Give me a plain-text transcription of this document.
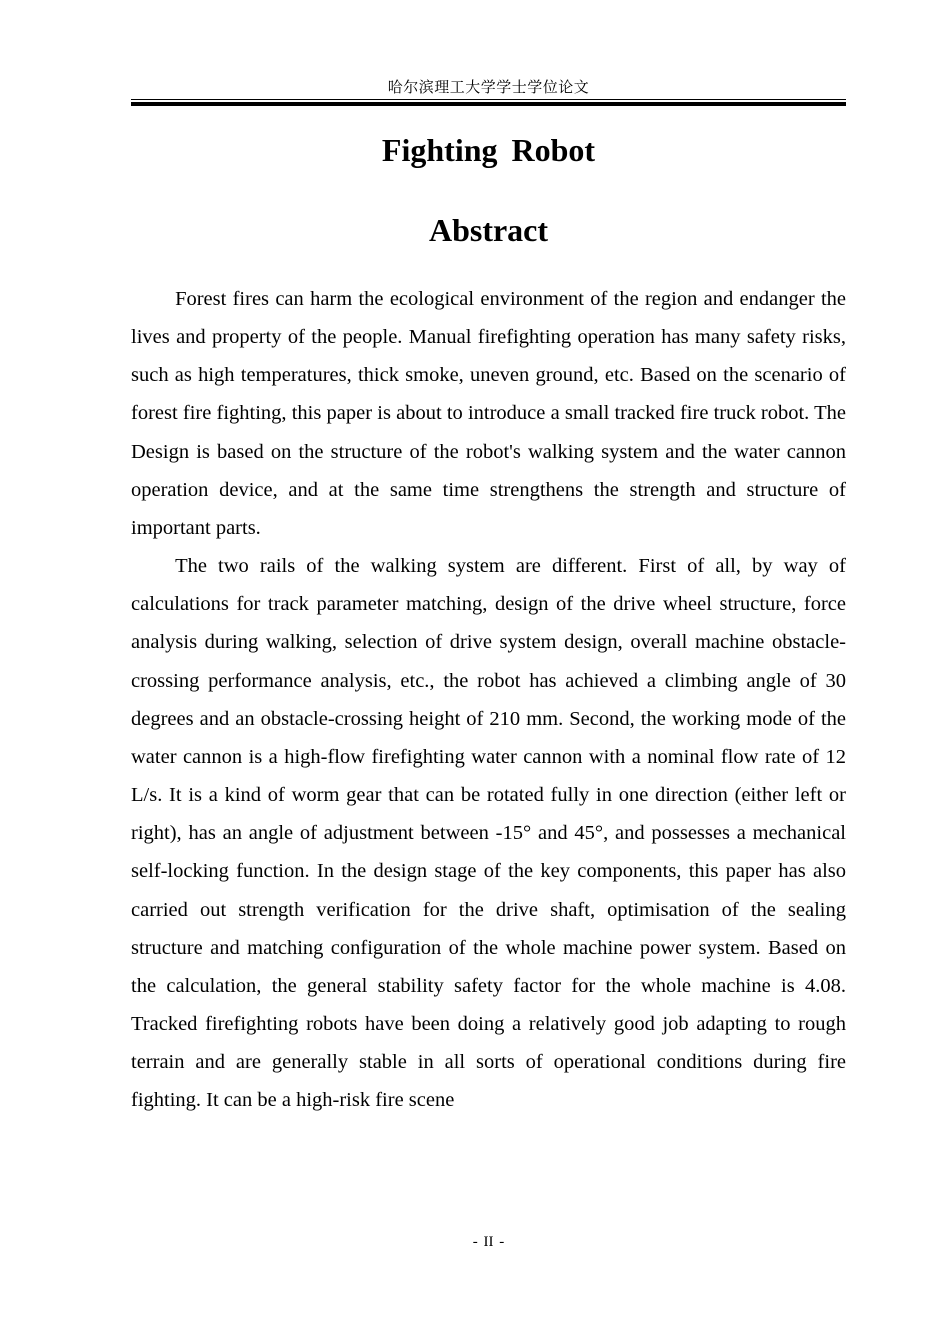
哈尔滨理工大学学士学位论文
Fighting Robot
Abstract

Forest fires can harm the ecological environment of the region and endanger the lives and property of the people. Manual firefighting operation has many safety risks, such as high temperatures, thick smoke, uneven ground, etc. Based on the scenario of forest fire fighting, this paper is about to introduce a small tracked fire truck robot. The Design is based on the structure of the robot's walking system and the water cannon operation device, and at the same time strengthens the strength and structure of important parts.

The two rails of the walking system are different. First of all, by way of calculations for track parameter matching, design of the drive wheel structure, force analysis during walking, selection of drive system design, overall machine obstacle-crossing performance analysis, etc., the robot has achieved a climbing angle of 30 degrees and an obstacle-crossing height of 210 mm. Second, the working mode of the water cannon is a high-flow firefighting water cannon with a nominal flow rate of 12 L/s. It is a kind of worm gear that can be rotated fully in one direction (either left or right), has an angle of adjustment between -15° and 45°, and possesses a mechanical self-locking function. In the design stage of the key components, this paper has also carried out strength verification for the drive shaft, optimisation of the sealing structure and matching configuration of the whole machine power system. Based on the calculation, the general stability safety factor for the whole machine is 4.08. Tracked firefighting robots have been doing a relatively good job adapting to rough terrain and are generally stable in all sorts of operational conditions during fire fighting. It can be a high-risk fire scene

- II -
